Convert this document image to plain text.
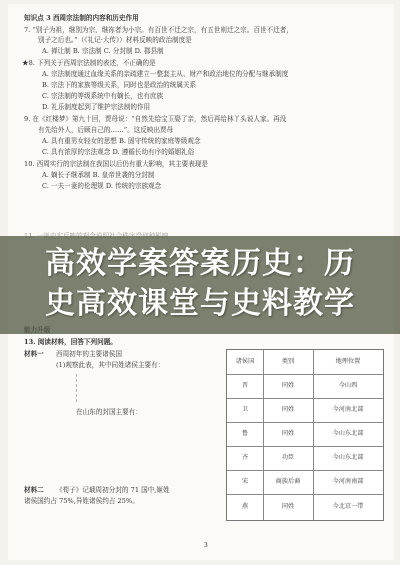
知识点 3 西周宗法制的内容和历史作用
7. “别子为祖，继别为宗，继祢者为小宗。有百世不迁之宗，有五世则迁之宗。百世不迁者，
别子之后也。”（《礼记·大传》）材料反映的政治制度是
A. 禅让制 B. 宗法制 C. 分封制 D. 郡县制
★8. 下列关于西周宗法制的表述，不正确的是
A. 宗法制度通过血缘关系的亲疏建立一整套主从、财产和政治地位的分配与继承制度
B. 宗法下的家族等级关系，同时也是政治的统属关系
C. 宗法制的等级系统中有嫡长，也有庶族
D. 礼乐制度起到了维护宗法制的作用
9. 在《红楼梦》第九十回，贾母说：“自然先给宝玉娶了亲，然后再给林丫头说人家。再没
有先给外人，后顾自己的……”。这反映出贾母
A. 具有重男女轻女的思想 B. 固守传统的家庭等级观念
C. 具有浓厚的宗法观念 D. 遵循长幼有序的婚姻礼俗
10. 西周实行的宗法制在我国以后仍有重大影响，其主要表现是
A. 嫡长子继承制 B. 皇帝世袭的分封制
C. 一夫一妻的伦理规 D. 传统的宗族观念
13. 阅读材料，回答下列问题。
材料一 西周初年的主要诸侯国
(1)观察此表，其中同姓诸侯主要有：
在山东的封国主要有：
材料二 《荀子》记载周初分封的 71 国中,姬姓
诸侯国约占 75%,异姓诸侯约占 25%。
3
诸侯国	类别	地理位置
晋	同姓	今山西
卫	同姓	今河南北部
鲁	同姓	今山东北部
齐	功臣	今山东北部
宋	商族后裔	今河南南部
燕	同姓	今北京一带
高效学案答案历史：历
史高效课堂与史料教学
